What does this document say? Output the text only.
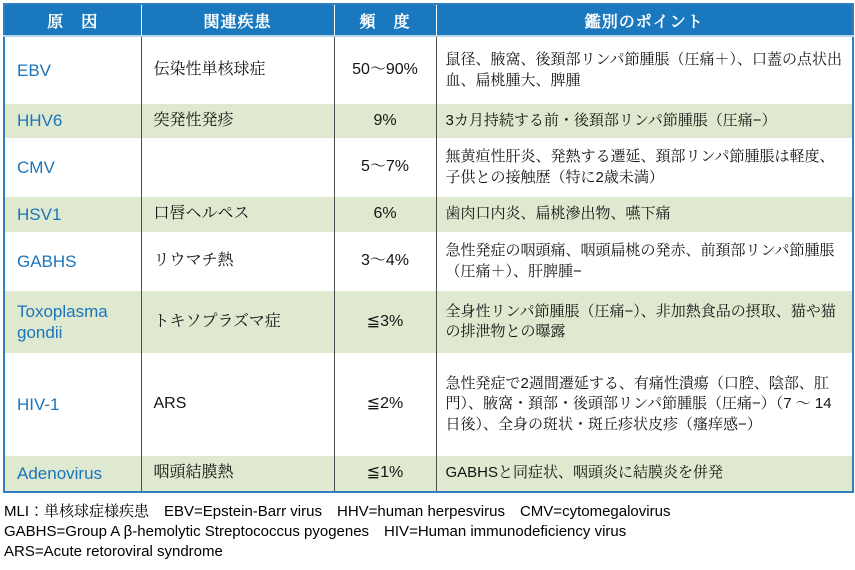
原　因	関連疾患	頻　度	鑑別のポイント
EBV	伝染性単核球症	50〜90%	鼠径、腋窩、後頚部リンパ節腫脹（圧痛＋）、口蓋の点状出血、扁桃腫大、脾腫
HHV6	突発性発疹	9%	3カ月持続する前・後頚部リンパ節腫脹（圧痛−）
CMV		5〜7%	無黄疸性肝炎、発熱する遷延、頚部リンパ節腫脹は軽度、子供との接触歴（特に2歳未満）
HSV1	口唇ヘルペス	6%	歯肉口内炎、扁桃滲出物、嚥下痛
GABHS	リウマチ熱	3〜4%	急性発症の咽頭痛、咽頭扁桃の発赤、前頚部リンパ節腫脹（圧痛＋）、肝脾腫−
Toxoplasma gondii	トキソプラズマ症	≦3%	全身性リンパ節腫脹（圧痛−）、非加熱食品の摂取、猫や猫の排泄物との曝露
HIV-1	ARS	≦2%	急性発症で2週間遷延する、有痛性潰瘍（口腔、陰部、肛門）、腋窩・頚部・後頭部リンパ節腫脹（圧痛−）（7 〜 14日後）、全身の斑状・斑丘疹状皮疹（瘙痒感−）
Adenovirus	咽頭結膜熱	≦1%	GABHSと同症状、咽頭炎に結膜炎を併発
MLI：単核球症様疾患　EBV=Epstein-Barr virus　HHV=human herpesvirus　CMV=cytomegalovirus
GABHS=Group A β-hemolytic Streptococcus pyogenes　HIV=Human immunodeficiency virus
ARS=Acute retoroviral syndrome
